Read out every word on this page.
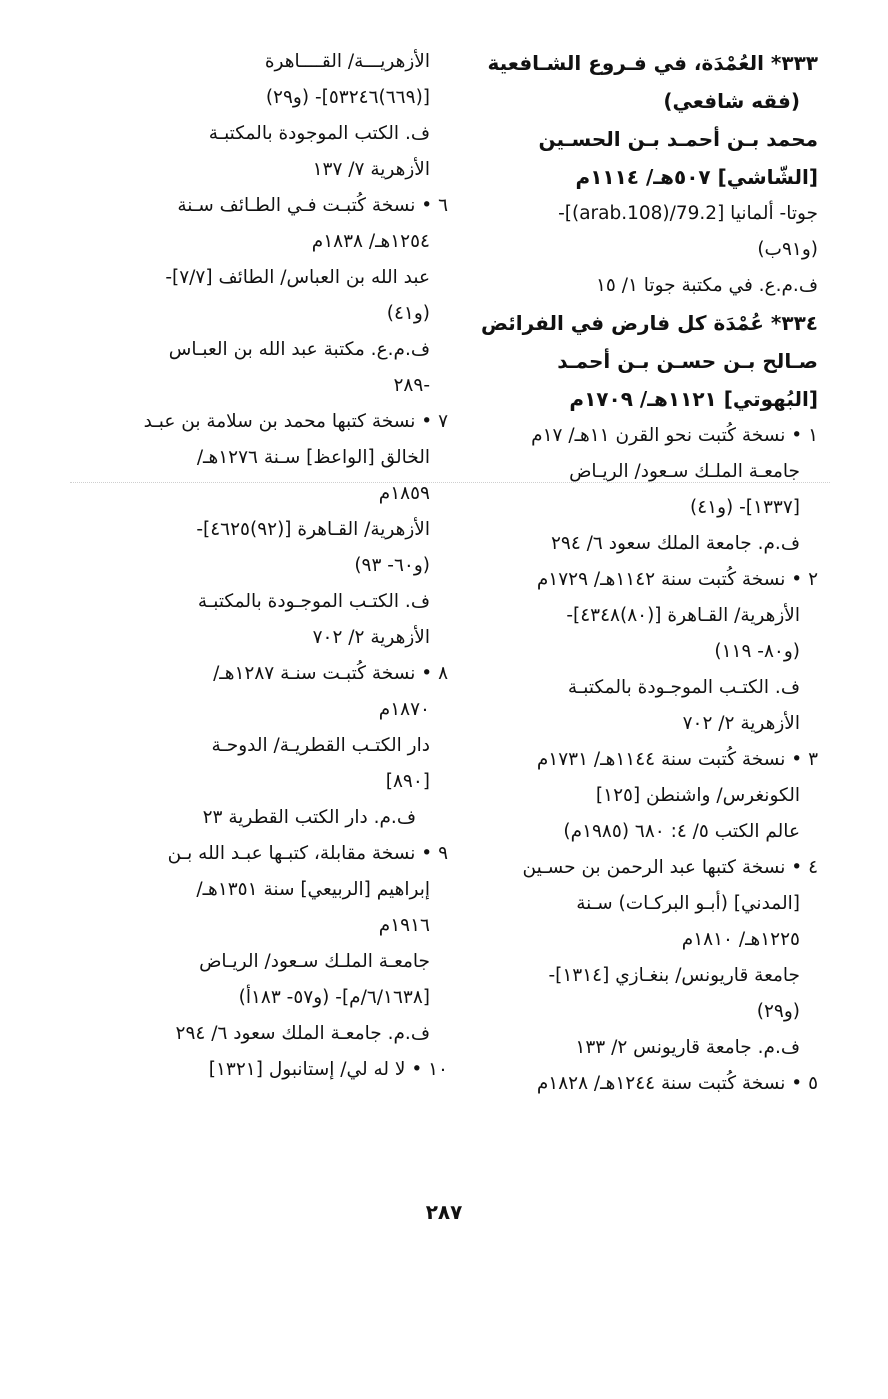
٣٣٣* العُمْدَة، في فـروع الشـافعية
(فقه شافعي)
محمد بـن أحمـد بـن الحسـين
[الشّاشي] ٥٠٧هـ/ ١١١٤م
جوتا- ألمانيا [2.arab.108)/79)]-
(و٩١ب)
ف.م.ع. في مكتبة جوتا ١/ ١٥
٣٣٤* عُمْدَة كل فارض في الفرائض
صـالح بـن حسـن بـن أحمـد
[البُهوتي] ١١٢١هـ/ ١٧٠٩م
١ • نسخة كُتبت نحو القرن ١١هـ/ ١٧م
جامعـة الملـك سـعود/ الريـاض
[١٣٣٧]- (و٤١)
ف.م. جامعة الملك سعود ٦/ ٢٩٤
٢ • نسخة كُتبت سنة ١١٤٢هـ/ ١٧٢٩م
الأزهرية/ القـاهرة [(٨٠)٤٣٤٨]-
(و٨٠- ١١٩)
ف. الكتـب الموجـودة بالمكتبـة
الأزهرية ٢/ ٧٠٢
٣ • نسخة كُتبت سنة ١١٤٤هـ/ ١٧٣١م
الكونغرس/ واشنطن [١٢٥]
عالم الكتب ٥/ ٤: ٦٨٠ (١٩٨٥م)
٤ • نسخة كتبها عبد الرحمن بن حسـين
[المدني] (أبـو البركـات) سـنة
١٢٢٥هـ/ ١٨١٠م
جامعة قاريونس/ بنغـازي [١٣١٤]-
(و٢٩)
ف.م. جامعة قاريونس ٢/ ١٣٣
٥ • نسخة كُتبت سنة ١٢٤٤هـ/ ١٨٢٨م
الأزهريـــة/ القــــاهرة
[(٦٦٩)٥٣٢٤٦]- (و٢٩)
ف. الكتب الموجودة بالمكتبـة
الأزهرية ٧/ ١٣٧
٦ • نسخة كُتبـت فـي الطـائف سـنة
١٢٥٤هـ/ ١٨٣٨م
عبد الله بن العباس/ الطائف [٧/٧]-
(و٤١)
ف.م.ع. مكتبة عبد الله بن العبـاس
-٢٨٩
٧ • نسخة كتبها محمد بن سلامة بن عبـد
الخالق [الواعظ] سـنة ١٢٧٦هـ/
١٨٥٩م
الأزهرية/ القـاهرة [(٩٢)٤٦٢٥]-
(و٦٠- ٩٣)
ف. الكتـب الموجـودة بالمكتبـة
الأزهرية ٢/ ٧٠٢
٨ • نسخة كُتبـت سنـة ١٢٨٧هـ/
١٨٧٠م
دار الكتـب القطريـة/ الدوحـة
[٨٩٠]
ف.م. دار الكتب القطرية ٢٣
٩ • نسخة مقابلة، كتبـها عبـد الله بـن
إبراهيم [الربيعي] سنة ١٣٥١هـ/
١٩١٦م
جامعـة الملـك سـعود/ الريـاض
[٦/١٦٣٨/م]- (و٥٧- ١٨٣أ)
ف.م. جامعـة الملك سعود ٦/ ٢٩٤
١٠ • لا له لي/ إستانبول [١٣٢١]
٢٨٧
